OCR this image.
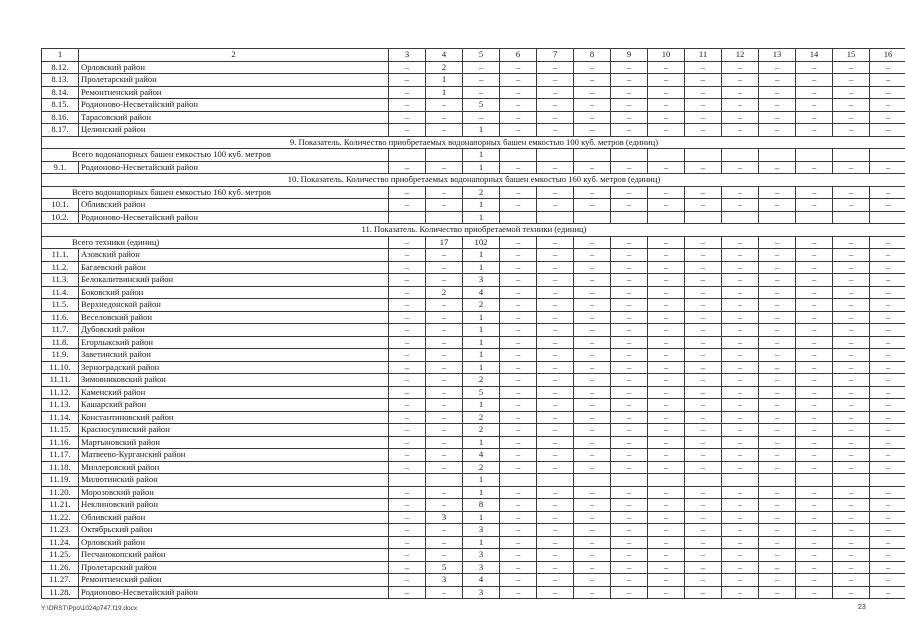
1	2	3	4	5	6	7	8	9	10	11	12	13	14	15	16
8.12.	Орловский район	–	2	–	–	–	–	–	–	–	–	–	–	–	–
8.13.	Пролетарский район	–	1	–	–	–	–	–	–	–	–	–	–	–	–
8.14.	Ремонтненский район	–	1	–	–	–	–	–	–	–	–	–	–	–	–
8.15.	Родионово-Несветайский район	–	–	5	–	–	–	–	–	–	–	–	–	–	–
8.16.	Тарасовский район	–	–	–	–	–	–	–	–	–	–	–	–	–	–
8.17.	Целинский район	–	–	1	–	–	–	–	–	–	–	–	–	–	–
9. Показатель. Количество приобретаемых водонапорных башен емкостью 100 куб. метров (единиц)															
Всего водонапорных башен емкостью 100 куб. метров				1											
9.1.	Родионово-Несветайский район	–	–	1	–	–	–	–	–	–	–	–	–	–	–
10. Показатель. Количество приобретаемых водонапорных башен емкостью 160 куб. метров (единиц)															
Всего водонапорных башен емкостью 160 куб. метров		–	–	2	–	–	–	–	–	–	–	–	–	–	–
10.1.	Обливский район	–	–	1	–	–	–	–	–	–	–	–	–	–	–
10.2.	Родионово-Несветайский район			1											
11. Показатель. Количество приобретаемой техники (единиц)															
Всего техники (единиц)		–	17	102	–	–	–	–	–	–	–	–	–	–	–
11.1.	Азовский район	–	–	1	–	–	–	–	–	–	–	–	–	–	–
11.2.	Багаевский район	–	–	1	–	–	–	–	–	–	–	–	–	–	–
11.3.	Белокалитвинский район	–	–	3	–	–	–	–	–	–	–	–	–	–	–
11.4.	Боковский район	–	2	4	–	–	–	–	–	–	–	–	–	–	–
11.5.	Верхнедонской район	–	–	2	–	–	–	–	–	–	–	–	–	–	–
11.6.	Веселовский район	–	–	1	–	–	–	–	–	–	–	–	–	–	–
11.7.	Дубовский район	–	–	1	–	–	–	–	–	–	–	–	–	–	–
11.8.	Егорлыкский район	–	–	1	–	–	–	–	–	–	–	–	–	–	–
11.9.	Заветинский район	–	–	1	–	–	–	–	–	–	–	–	–	–	–
11.10.	Зерноградский район	–	–	1	–	–	–	–	–	–	–	–	–	–	–
11.11.	Зимовниковский район	–	–	2	–	–	–	–	–	–	–	–	–	–	–
11.12.	Каменский район	–	–	5	–	–	–	–	–	–	–	–	–	–	–
11.13.	Кашарский район	–	–	1	–	–	–	–	–	–	–	–	–	–	–
11.14.	Константиновский район	–	–	2	–	–	–	–	–	–	–	–	–	–	–
11.15.	Красносулинский район	–	–	2	–	–	–	–	–	–	–	–	–	–	–
11.16.	Мартыновский район	–	–	1	–	–	–	–	–	–	–	–	–	–	–
11.17.	Матвеево-Курганский район	–	–	4	–	–	–	–	–	–	–	–	–	–	–
11.18.	Миллеровский район	–	–	2	–	–	–	–	–	–	–	–	–	–	–
11.19.	Милютинский район			1											
11.20.	Морозовский район	–	–	1	–	–	–	–	–	–	–	–	–	–	–
11.21.	Неклиновский район	–	–	8	–	–	–	–	–	–	–	–	–	–	–
11.22.	Обливский район	–	3	1	–	–	–	–	–	–	–	–	–	–	–
11.23.	Октябрьский район	–	–	3	–	–	–	–	–	–	–	–	–	–	–
11.24.	Орловский район	–	–	1	–	–	–	–	–	–	–	–	–	–	–
11.25.	Песчанокопский район	–	–	3	–	–	–	–	–	–	–	–	–	–	–
11.26.	Пролетарский район	–	5	3	–	–	–	–	–	–	–	–	–	–	–
11.27.	Ремонтненский район	–	3	4	–	–	–	–	–	–	–	–	–	–	–
11.28.	Родионово-Несветайский район	–	–	3	–	–	–	–	–	–	–	–	–	–	–
Y:\ORST\Ppo\1024p747.f19.docx	23
